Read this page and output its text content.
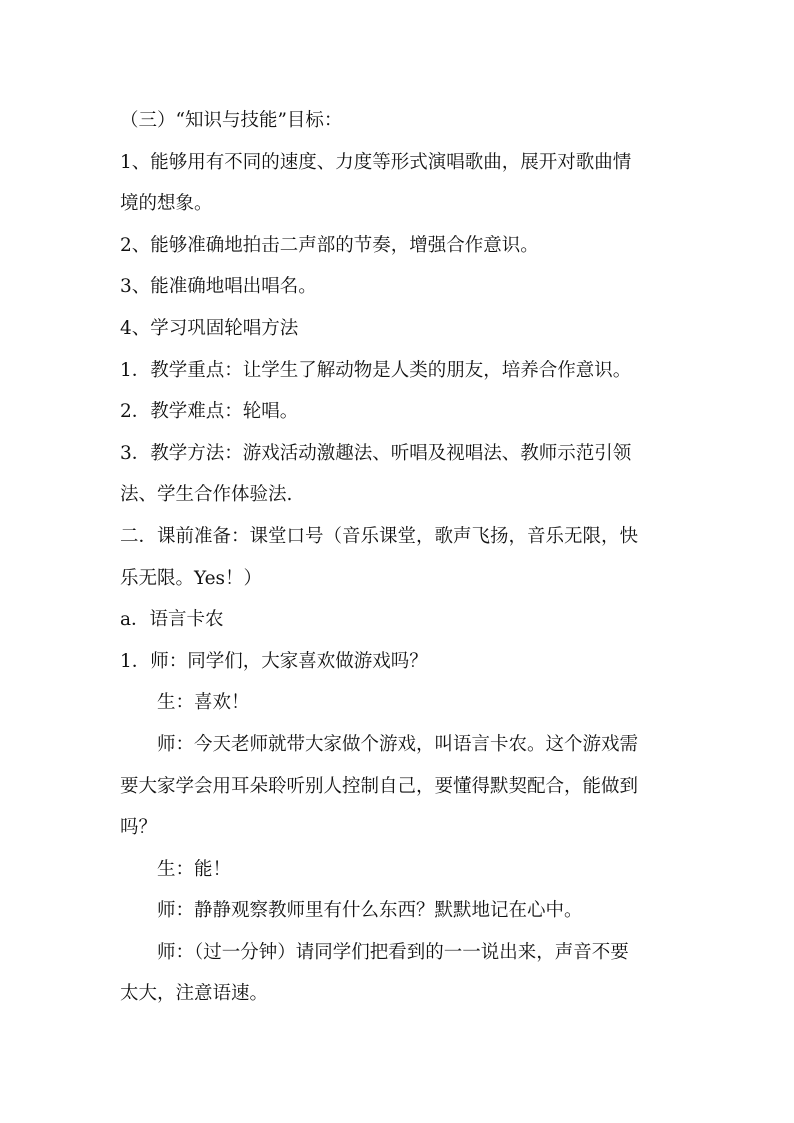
（三）“知识与技能”目标：
1、能够用有不同的速度、力度等形式演唱歌曲，展开对歌曲情
境的想象。
2、能够准确地拍击二声部的节奏，增强合作意识。
3、能准确地唱出唱名。
4、学习巩固轮唱方法
1．教学重点：让学生了解动物是人类的朋友，培养合作意识。
2．教学难点：轮唱。
3．教学方法：游戏活动激趣法、听唱及视唱法、教师示范引领
法、学生合作体验法.
二．课前准备：课堂口号（音乐课堂，歌声飞扬，音乐无限，快
乐无限。Yes！）
a．语言卡农
1．师：同学们，大家喜欢做游戏吗？
生：喜欢！
师：今天老师就带大家做个游戏，叫语言卡农。这个游戏需
要大家学会用耳朵聆听别人控制自己，要懂得默契配合，能做到
吗？
生：能！
师：静静观察教师里有什么东西？默默地记在心中。
师：（过一分钟）请同学们把看到的一一说出来，声音不要
太大，注意语速。
